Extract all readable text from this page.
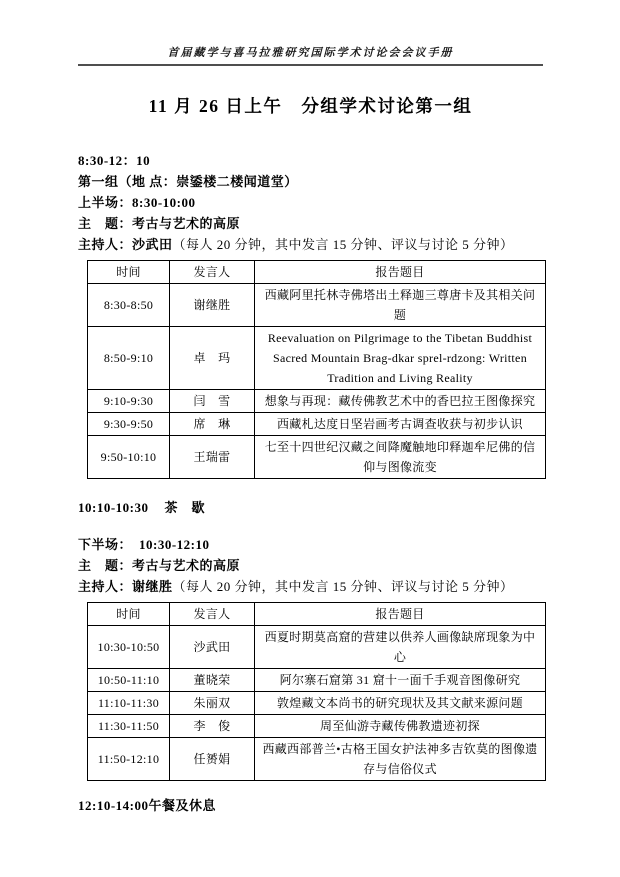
首届藏学与喜马拉雅研究国际学术讨论会会议手册
11 月 26 日上午　分组学术讨论第一组
8:30-12：10
第一组（地 点：崇鋈楼二楼闻道堂）
上半场：8:30-10:00
主　题：考古与艺术的高原
主持人：沙武田（每人 20 分钟，其中发言 15 分钟、评议与讨论 5 分钟）
时间	发言人	报告题目
8:30-8:50	谢继胜	西藏阿里托林寺佛塔出土释迦三尊唐卡及其相关问题
8:50-9:10	卓　玛	Reevaluation on Pilgrimage to the Tibetan Buddhist Sacred Mountain Brag-dkar sprel-rdzong: Written Tradition and Living Reality
9:10-9:30	闫　雪	想象与再现：藏传佛教艺术中的香巴拉王图像探究
9:30-9:50	席　琳	西藏札达度日坚岩画考古调查收获与初步认识
9:50-10:10	王瑞雷	七至十四世纪汉藏之间降魔触地印释迦牟尼佛的信仰与图像流变
10:10-10:30 茶　歇
下半场：　10:30-12:10
主　题：考古与艺术的高原
主持人：谢继胜（每人 20 分钟，其中发言 15 分钟、评议与讨论 5 分钟）
时间	发言人	报告题目
10:30-10:50	沙武田	西夏时期莫高窟的营建以供养人画像缺席现象为中心
10:50-11:10	董晓荣	阿尔寨石窟第 31 窟十一面千手观音图像研究
11:10-11:30	朱丽双	敦煌藏文本尚书的研究现状及其文献来源问题
11:30-11:50	李　俊	周至仙游寺藏传佛教遗迹初探
11:50-12:10	任赟娟	西藏西部普兰•古格王国女护法神多吉钦莫的图像遗存与信俗仪式
12:10-14:00午餐及休息
